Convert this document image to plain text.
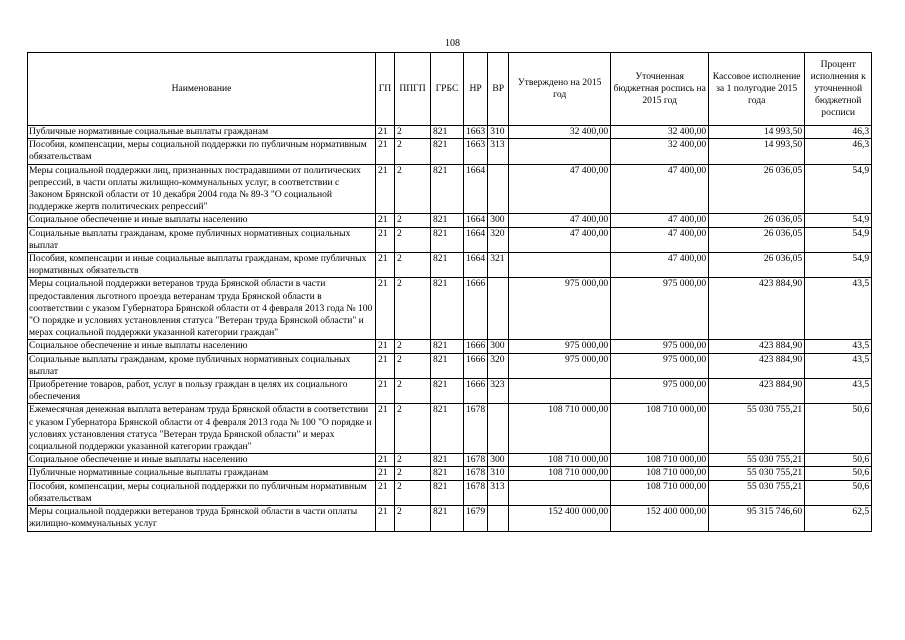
108
Наименование	ГП	ППГП	ГРБС	НР	ВР	Утверждено на 2015 год	Уточненная бюджетная роспись на 2015 год	Кассовое исполнение за 1 полугодие 2015 года	Процент исполнения к уточненной бюджетной росписи
Публичные нормативные социальные выплаты гражданам	21	2	821	1663	310	32 400,00	32 400,00	14 993,50	46,3
Пособия, компенсации, меры социальной поддержки по публичным нормативным обязательствам	21	2	821	1663	313		32 400,00	14 993,50	46,3
Меры социальной поддержки лиц, признанных пострадавшими от политических репрессий, в части оплаты жилищно-коммунальных услуг, в соответствии с Законом Брянской области от 10 декабря 2004 года № 89-З "О социальной поддержке жертв политических репрессий"	21	2	821	1664		47 400,00	47 400,00	26 036,05	54,9
Социальное обеспечение и иные выплаты населению	21	2	821	1664	300	47 400,00	47 400,00	26 036,05	54,9
Социальные выплаты гражданам, кроме публичных нормативных социальных выплат	21	2	821	1664	320	47 400,00	47 400,00	26 036,05	54,9
Пособия, компенсации и иные социальные выплаты гражданам, кроме публичных нормативных обязательств	21	2	821	1664	321		47 400,00	26 036,05	54,9
Меры социальной поддержки ветеранов труда Брянской области в части предоставления льготного проезда ветеранам труда Брянской области в соответствии с указом Губернатора Брянской области от 4 февраля 2013 года № 100 "О порядке и условиях установления статуса "Ветеран труда Брянской области" и мерах социальной поддержки указанной категории граждан"	21	2	821	1666		975 000,00	975 000,00	423 884,90	43,5
Социальное обеспечение и иные выплаты населению	21	2	821	1666	300	975 000,00	975 000,00	423 884,90	43,5
Социальные выплаты гражданам, кроме публичных нормативных социальных выплат	21	2	821	1666	320	975 000,00	975 000,00	423 884,90	43,5
Приобретение товаров, работ, услуг в пользу граждан в целях их социального обеспечения	21	2	821	1666	323		975 000,00	423 884,90	43,5
Ежемесячная денежная выплата ветеранам труда Брянской области в соответствии с указом Губернатора Брянской области от 4 февраля 2013 года № 100 "О порядке и условиях установления статуса "Ветеран труда Брянской области" и мерах социальной поддержки указанной категории граждан"	21	2	821	1678		108 710 000,00	108 710 000,00	55 030 755,21	50,6
Социальное обеспечение и иные выплаты населению	21	2	821	1678	300	108 710 000,00	108 710 000,00	55 030 755,21	50,6
Публичные нормативные социальные выплаты гражданам	21	2	821	1678	310	108 710 000,00	108 710 000,00	55 030 755,21	50,6
Пособия, компенсации, меры социальной поддержки по публичным нормативным обязательствам	21	2	821	1678	313		108 710 000,00	55 030 755,21	50,6
Меры социальной поддержки ветеранов труда Брянской области в части оплаты жилищно-коммунальных услуг	21	2	821	1679		152 400 000,00	152 400 000,00	95 315 746,60	62,5
